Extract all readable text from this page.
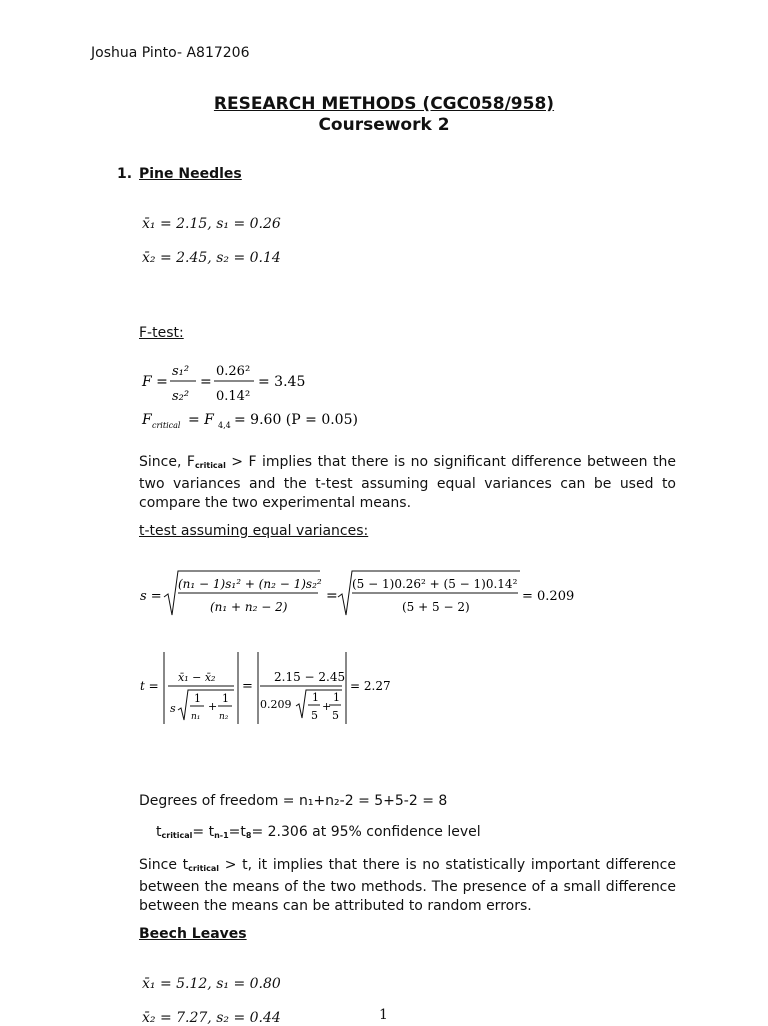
Joshua Pinto- A817206
RESEARCH METHODS (CGC058/958)
Coursework 2
1. Pine Needles
x̄₁ = 2.15, s₁ = 0.26
x̄₂ = 2.45, s₂ = 0.14
F-test:
F =
s₁²
s₂²
=
0.26²
0.14²
= 3.45
F critical = F 4,4 = 9.60 (P = 0.05)
Since, $F_{critical} > F$ implies that there is no significant difference between the two variances and the t-test assuming equal variances can be used to compare the two experimental means.
t-test assuming equal variances:
s =
(n₁ − 1)s₁² + (n₂ − 1)s₂²
(n₁ + n₂ − 2)
=
(5 − 1)0.26² + (5 − 1)0.14²
(5 + 5 − 2)
= 0.209
t =
x̄₁ − x̄₂
s
1
n₁
+
1
n₂
=
2.15 − 2.45
0.209
1
5
+
1
5
= 2.27
Degrees of freedom = n₁+n₂-2 = 5+5-2 = 8
$t_{critical}= t_{n-1}=t_8= 2.306$ at 95% confidence level
Since $t_{critical} > t$, it implies that there is no statistically important difference between the means of the two methods. The presence of a small difference between the means can be attributed to random errors.
Beech Leaves
x̄₁ = 5.12, s₁ = 0.80
x̄₂ = 7.27, s₂ = 0.44	1
